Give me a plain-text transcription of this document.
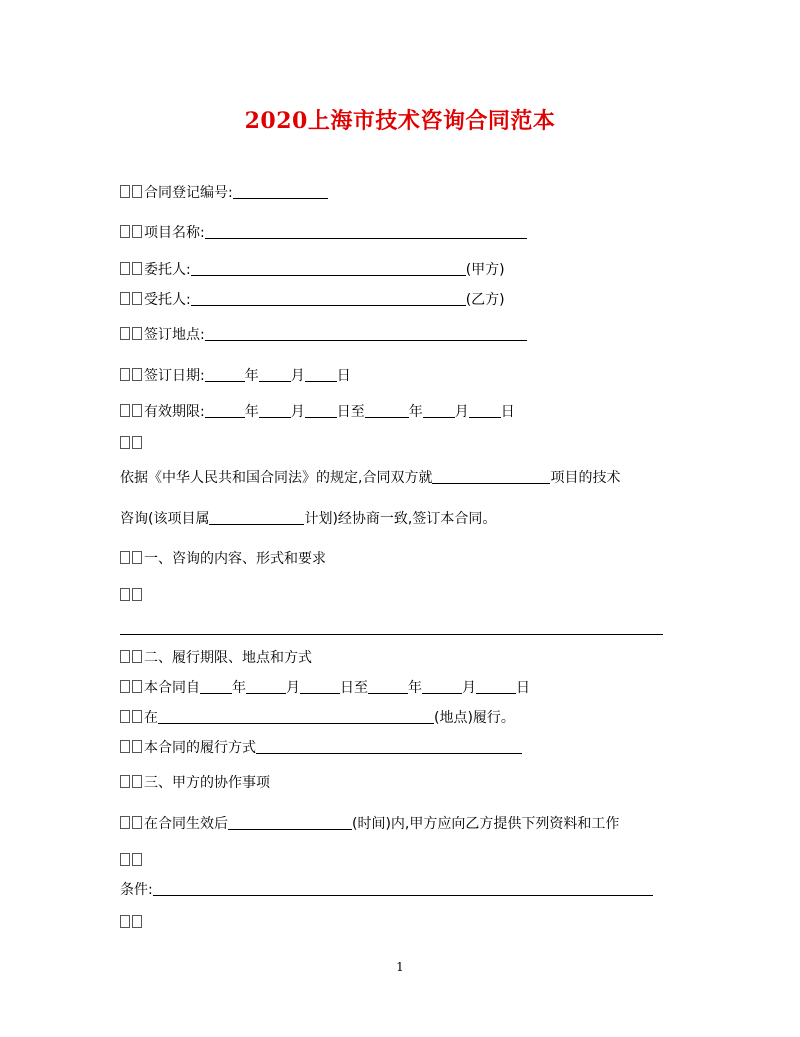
2020上海市技术咨询合同范本
合同登记编号:
项目名称:
委托人:	(甲方)
受托人:	(乙方)
签订地点:
签订日期:	年 月 日
有效期限:	年 月 日至	年 月 日
依据《中华人民共和国合同法》的规定,合同双方就	项目的技术
咨询(该项目属	计划)经协商一致,签订本合同。
一、咨询的内容、形式和要求
二、履行期限、地点和方式
本合同自 年	月	日至	年	月	日
在	(地点)履行。
本合同的履行方式
三、甲方的协作事项
在合同生效后	(时间)内,甲方应向乙方提供下列资料和工作
条件:
1
